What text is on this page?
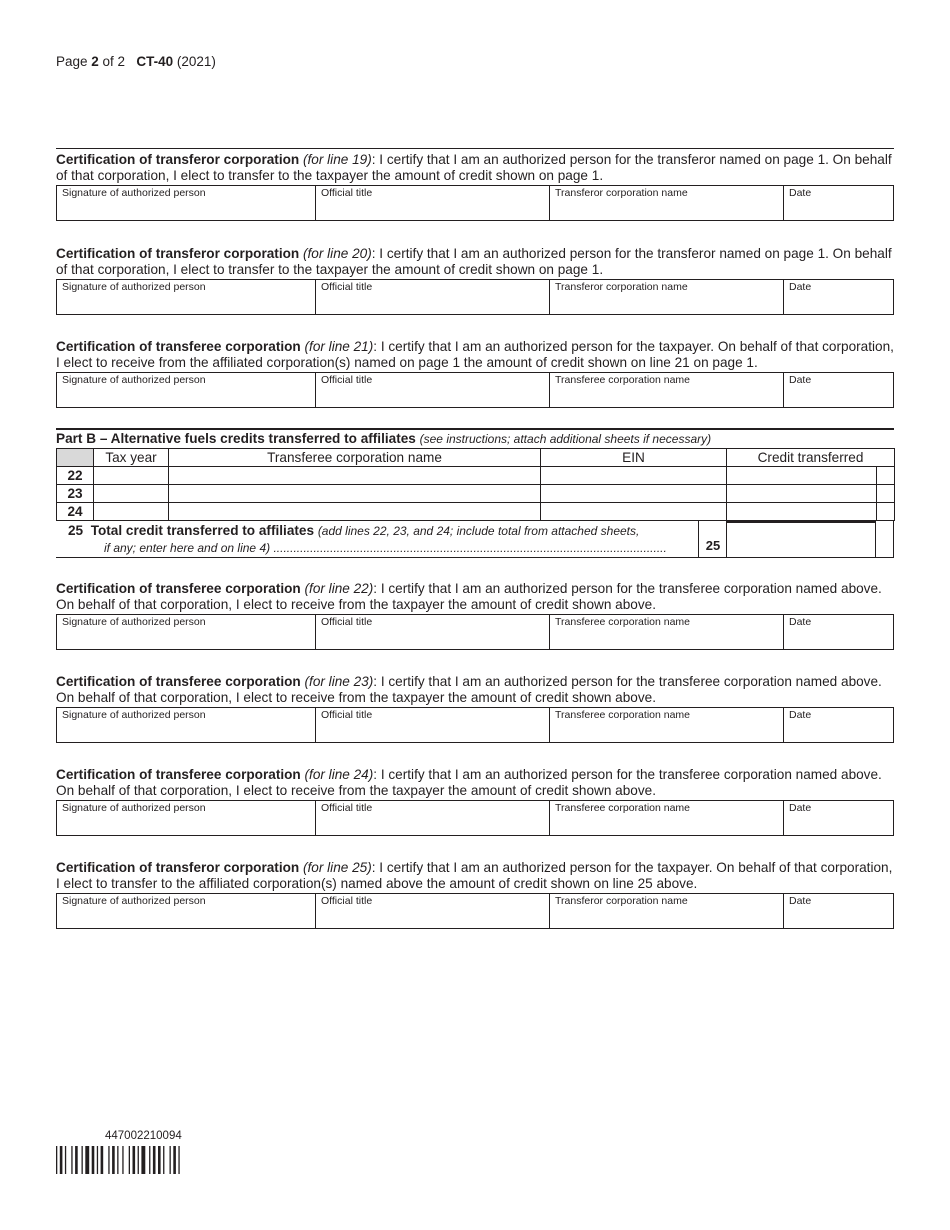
Page 2 of 2 CT-40 (2021)
Certification of transferor corporation (for line 19): I certify that I am an authorized person for the transferor named on page 1. On behalf of that corporation, I elect to transfer to the taxpayer the amount of credit shown on page 1.
Signature of authorized person	Official title	Transferor corporation name	Date
Certification of transferor corporation (for line 20): I certify that I am an authorized person for the transferor named on page 1. On behalf of that corporation, I elect to transfer to the taxpayer the amount of credit shown on page 1.
Signature of authorized person	Official title	Transferor corporation name	Date
Certification of transferee corporation (for line 21): I certify that I am an authorized person for the taxpayer. On behalf of that corporation, I elect to receive from the affiliated corporation(s) named on page 1 the amount of credit shown on line 21 on page 1.
Signature of authorized person	Official title	Transferee corporation name	Date
Part B – Alternative fuels credits transferred to affiliates (see instructions; attach additional sheets if necessary)
	Tax year	Transferee corporation name	EIN	Credit transferred	
22					
23					
24					
25 Total credit transferred to affiliates (add lines 22, 23, and 24; include total from attached sheets,
if any; enter here and on line 4) ......................................................................................................................	25
Certification of transferee corporation (for line 22): I certify that I am an authorized person for the transferee corporation named above. On behalf of that corporation, I elect to receive from the taxpayer the amount of credit shown above.
Signature of authorized person	Official title	Transferee corporation name	Date
Certification of transferee corporation (for line 23): I certify that I am an authorized person for the transferee corporation named above. On behalf of that corporation, I elect to receive from the taxpayer the amount of credit shown above.
Signature of authorized person	Official title	Transferee corporation name	Date
Certification of transferee corporation (for line 24): I certify that I am an authorized person for the transferee corporation named above. On behalf of that corporation, I elect to receive from the taxpayer the amount of credit shown above.
Signature of authorized person	Official title	Transferee corporation name	Date
Certification of transferor corporation (for line 25): I certify that I am an authorized person for the taxpayer. On behalf of that corporation, I elect to transfer to the affiliated corporation(s) named above the amount of credit shown on line 25 above.
Signature of authorized person	Official title	Transferor corporation name	Date
447002210094
